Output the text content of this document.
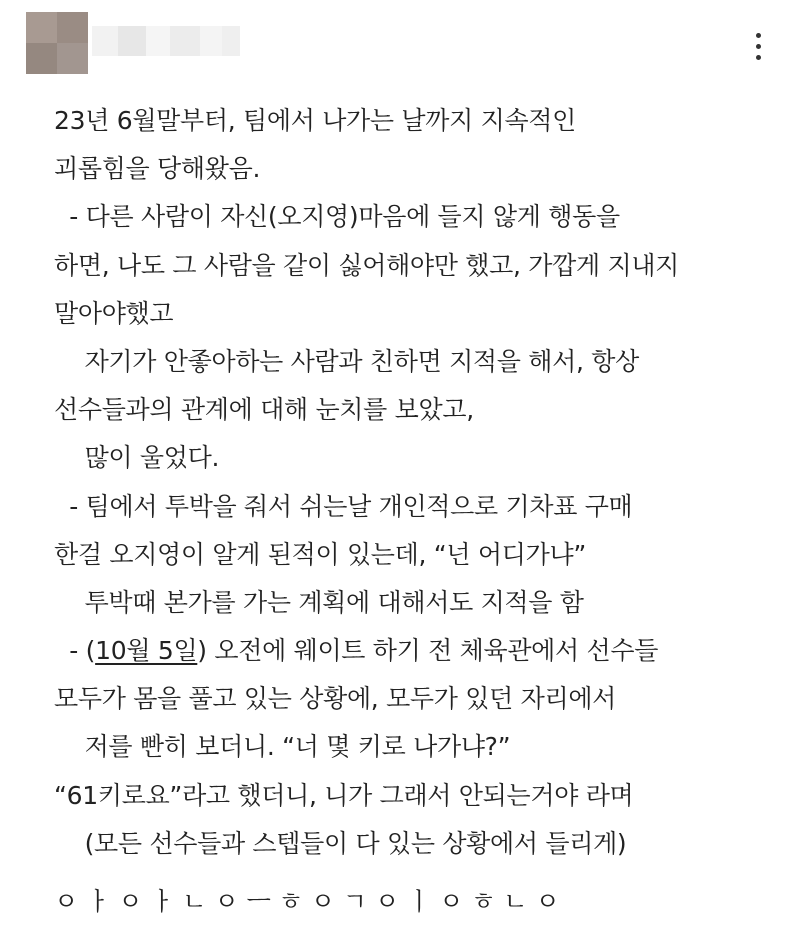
23년 6월말부터, 팀에서 나가는 날까지 지속적인
괴롭힘을 당해왔음.
- 다른 사람이 자신(오지영)마음에 들지 않게 행동을
하면, 나도 그 사람을 같이 싫어해야만 했고, 가깝게 지내지
말아야했고
자기가 안좋아하는 사람과 친하면 지적을 해서, 항상
선수들과의 관계에 대해 눈치를 보았고,
많이 울었다.
- 팀에서 투박을 줘서 쉬는날 개인적으로 기차표 구매
한걸 오지영이 알게 된적이 있는데, “넌 어디가냐”
투박때 본가를 가는 계획에 대해서도 지적을 함
- (10월 5일) 오전에 웨이트 하기 전 체육관에서 선수들
모두가 몸을 풀고 있는 상황에, 모두가 있던 자리에서
저를 빤히 보더니. “너 몇 키로 나가냐?”
“61키로요”라고 했더니, 니가 그래서 안되는거야 라며
(모든 선수들과 스텝들이 다 있는 상황에서 들리게)
ㅇ ㅏ ㅇ ㅏ ㄴ ㅇ ㅡ ㅎ ㅇ ㄱ ㅇ ㅣ ㅇ ㅎ ㄴ ㅇ
